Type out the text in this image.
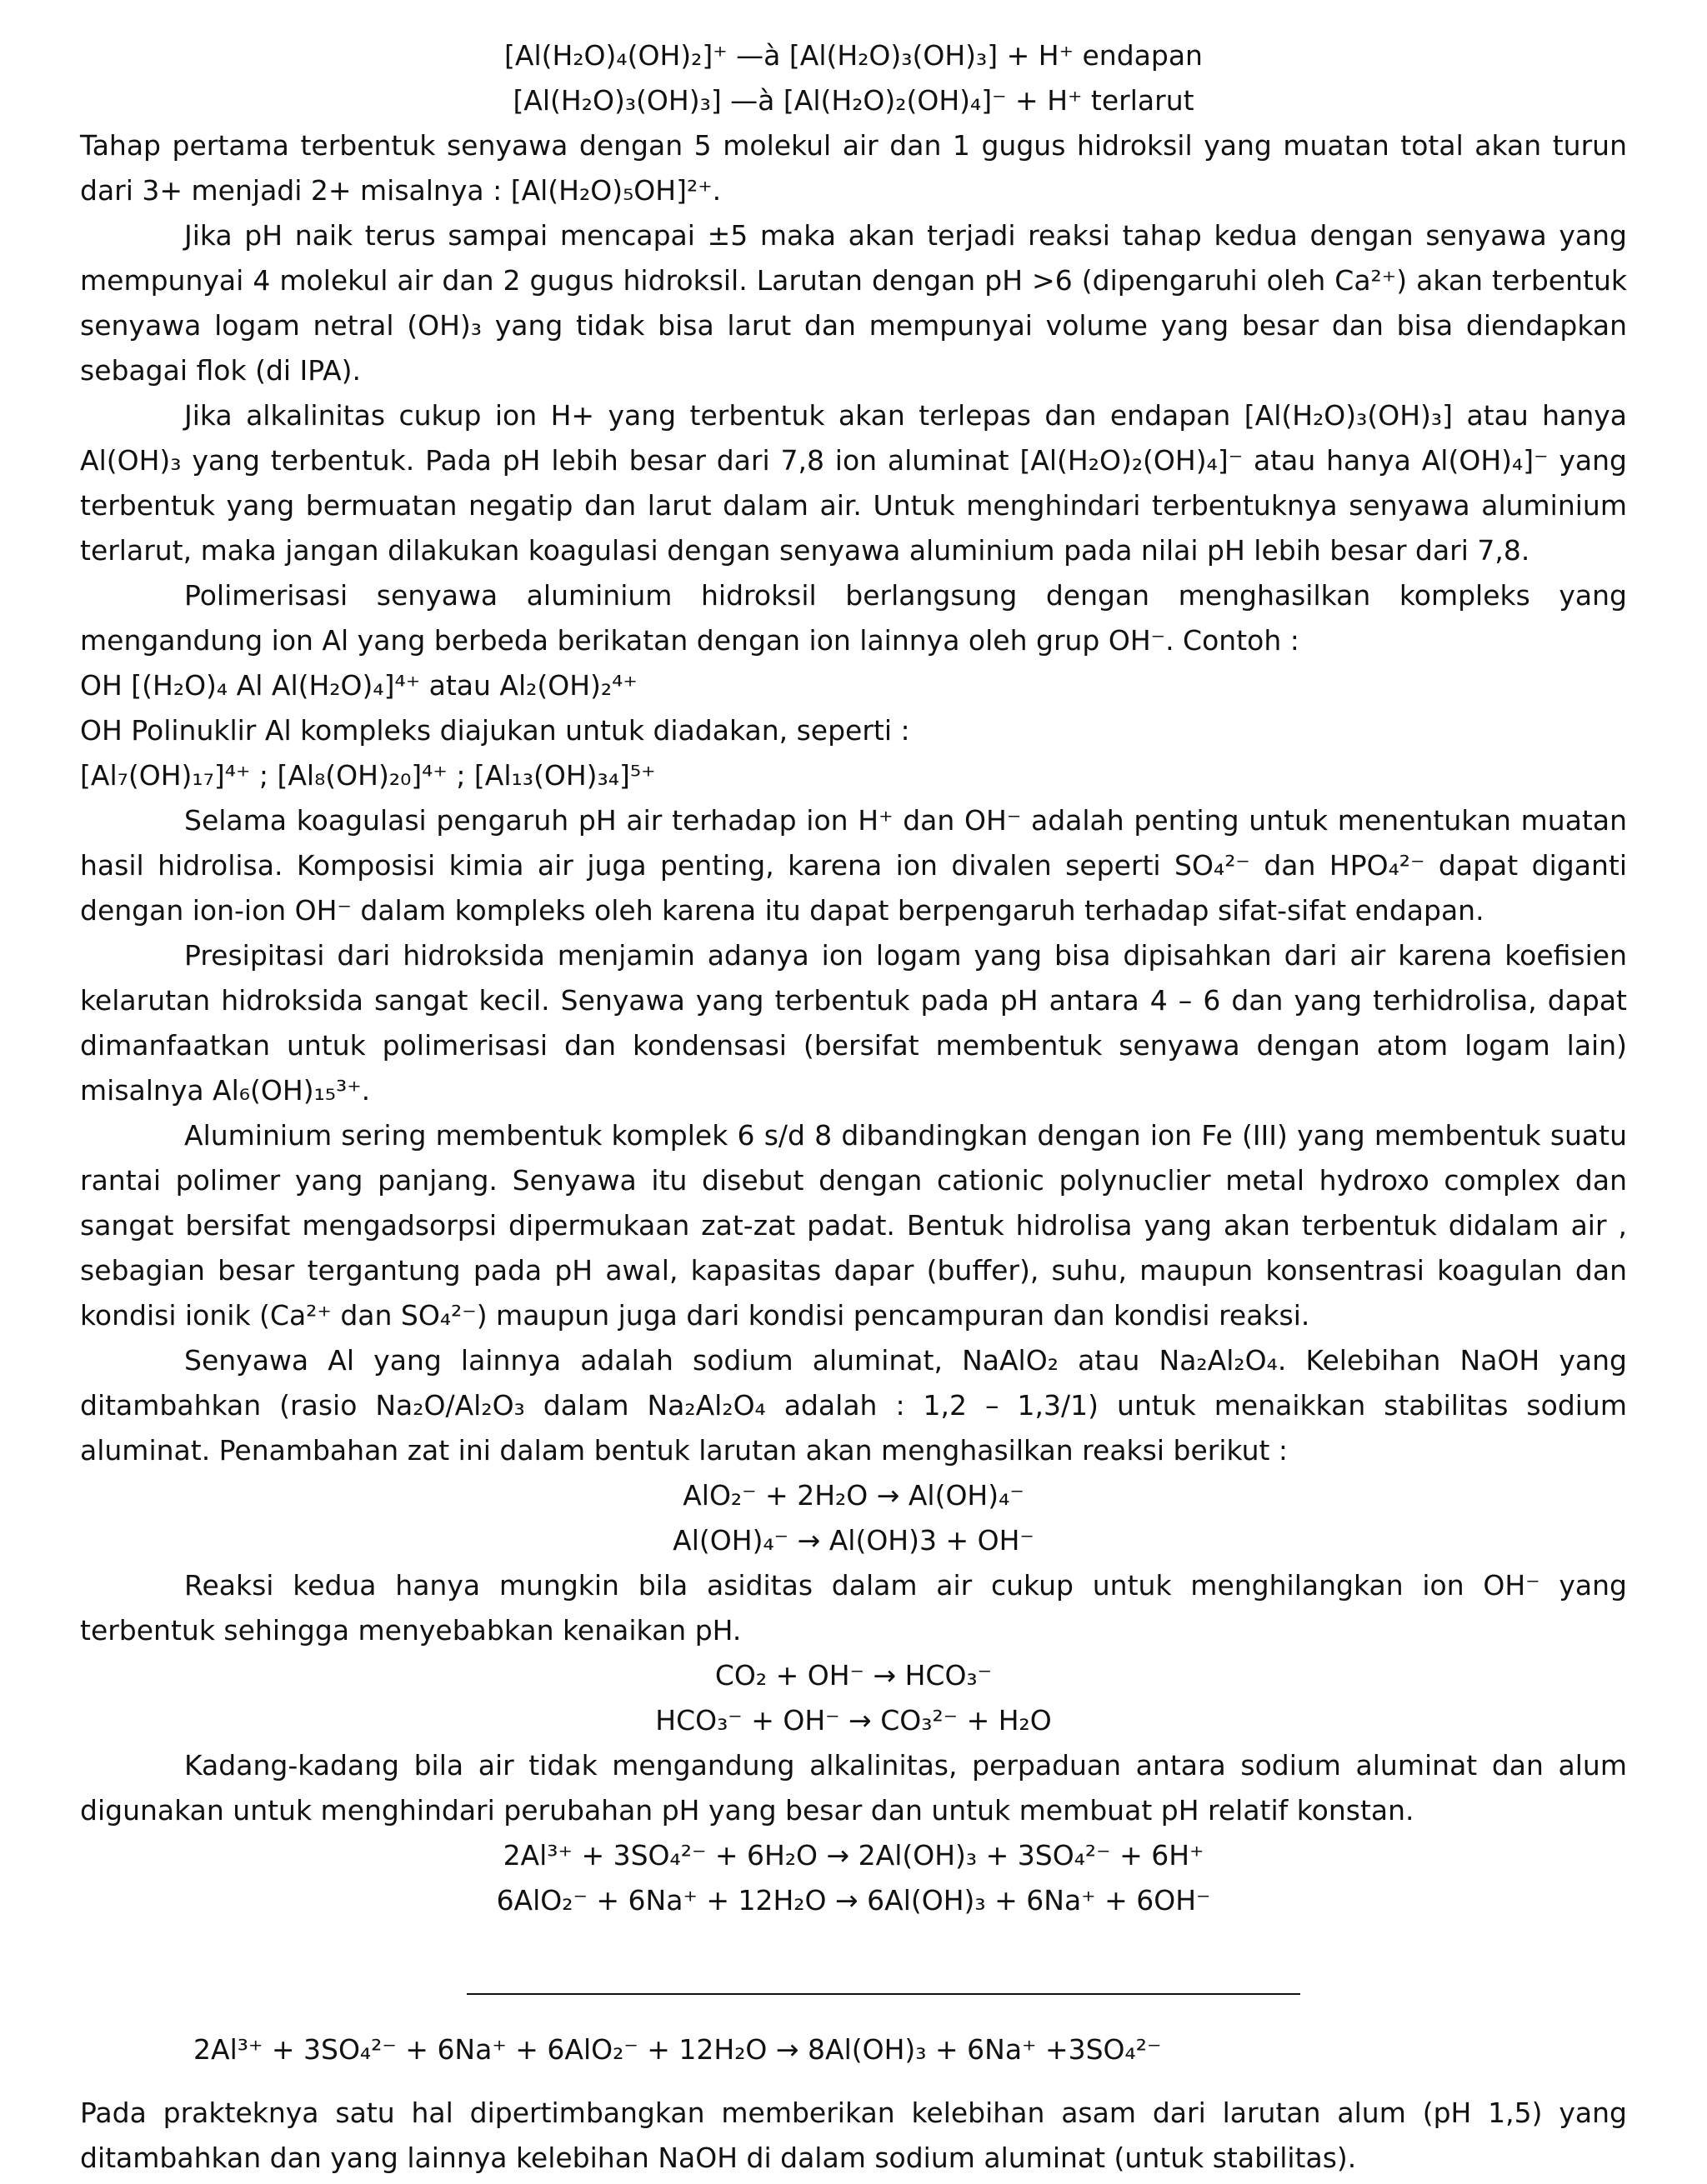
[Al(H₂O)₄(OH)₂]⁺ —à [Al(H₂O)₃(OH)₃] + H⁺ endapan

[Al(H₂O)₃(OH)₃] —à [Al(H₂O)₂(OH)₄]⁻ + H⁺ terlarut

Tahap pertama terbentuk senyawa dengan 5 molekul air dan 1 gugus hidroksil yang muatan total akan turun dari 3+ menjadi 2+ misalnya : [Al(H₂O)₅OH]²⁺.

Jika pH naik terus sampai mencapai ±5 maka akan terjadi reaksi tahap kedua dengan senyawa yang mempunyai 4 molekul air dan 2 gugus hidroksil. Larutan dengan pH >6 (dipengaruhi oleh Ca²⁺) akan terbentuk senyawa logam netral (OH)₃ yang tidak bisa larut dan mempunyai volume yang besar dan bisa diendapkan sebagai flok (di IPA).

Jika alkalinitas cukup ion H+ yang terbentuk akan terlepas dan endapan [Al(H₂O)₃(OH)₃] atau hanya Al(OH)₃ yang terbentuk. Pada pH lebih besar dari 7,8 ion aluminat [Al(H₂O)₂(OH)₄]⁻ atau hanya Al(OH)₄]⁻ yang terbentuk yang bermuatan negatip dan larut dalam air. Untuk menghindari terbentuknya senyawa aluminium terlarut, maka jangan dilakukan koagulasi dengan senyawa aluminium pada nilai pH lebih besar dari 7,8.

Polimerisasi senyawa aluminium hidroksil berlangsung dengan menghasilkan kompleks yang mengandung ion Al yang berbeda berikatan dengan ion lainnya oleh grup OH⁻. Contoh :

OH [(H₂O)₄ Al Al(H₂O)₄]⁴⁺ atau Al₂(OH)₂⁴⁺

OH Polinuklir Al kompleks diajukan untuk diadakan, seperti :

[Al₇(OH)₁₇]⁴⁺ ; [Al₈(OH)₂₀]⁴⁺ ; [Al₁₃(OH)₃₄]⁵⁺

Selama koagulasi pengaruh pH air terhadap ion H⁺ dan OH⁻ adalah penting untuk menentukan muatan hasil hidrolisa. Komposisi kimia air juga penting, karena ion divalen seperti SO₄²⁻ dan HPO₄²⁻ dapat diganti dengan ion-ion OH⁻ dalam kompleks oleh karena itu dapat berpengaruh terhadap sifat-sifat endapan.

Presipitasi dari hidroksida menjamin adanya ion logam yang bisa dipisahkan dari air karena koefisien kelarutan hidroksida sangat kecil. Senyawa yang terbentuk pada pH antara 4 – 6 dan yang terhidrolisa, dapat dimanfaatkan untuk polimerisasi dan kondensasi (bersifat membentuk senyawa dengan atom logam lain) misalnya Al₆(OH)₁₅³⁺.

Aluminium sering membentuk komplek 6 s/d 8 dibandingkan dengan ion Fe (III) yang membentuk suatu rantai polimer yang panjang. Senyawa itu disebut dengan cationic polynuclier metal hydroxo complex dan sangat bersifat mengadsorpsi dipermukaan zat-zat padat. Bentuk hidrolisa yang akan terbentuk didalam air , sebagian besar tergantung pada pH awal, kapasitas dapar (buffer), suhu, maupun konsentrasi koagulan dan kondisi ionik (Ca²⁺ dan SO₄²⁻) maupun juga dari kondisi pencampuran dan kondisi reaksi.

Senyawa Al yang lainnya adalah sodium aluminat, NaAlO₂ atau Na₂Al₂O₄. Kelebihan NaOH yang ditambahkan (rasio Na₂O/Al₂O₃ dalam Na₂Al₂O₄ adalah : 1,2 – 1,3/1) untuk menaikkan stabilitas sodium aluminat. Penambahan zat ini dalam bentuk larutan akan menghasilkan reaksi berikut :

AlO₂⁻ + 2H₂O → Al(OH)₄⁻

Al(OH)₄⁻ → Al(OH)3 + OH⁻

Reaksi kedua hanya mungkin bila asiditas dalam air cukup untuk menghilangkan ion OH⁻ yang terbentuk sehingga menyebabkan kenaikan pH.

CO₂ + OH⁻ → HCO₃⁻

HCO₃⁻ + OH⁻ → CO₃²⁻ + H₂O

Kadang-kadang bila air tidak mengandung alkalinitas, perpaduan antara sodium aluminat dan alum digunakan untuk menghindari perubahan pH yang besar dan untuk membuat pH relatif konstan.

2Al³⁺ + 3SO₄²⁻ + 6H₂O → 2Al(OH)₃ + 3SO₄²⁻ + 6H⁺

6AlO₂⁻ + 6Na⁺ + 12H₂O → 6Al(OH)₃ + 6Na⁺ + 6OH⁻

2Al³⁺ + 3SO₄²⁻ + 6Na⁺ + 6AlO₂⁻ + 12H₂O → 8Al(OH)₃ + 6Na⁺ +3SO₄²⁻

Pada prakteknya satu hal dipertimbangkan memberikan kelebihan asam dari larutan alum (pH 1,5) yang ditambahkan dan yang lainnya kelebihan NaOH di dalam sodium aluminat (untuk stabilitas).
